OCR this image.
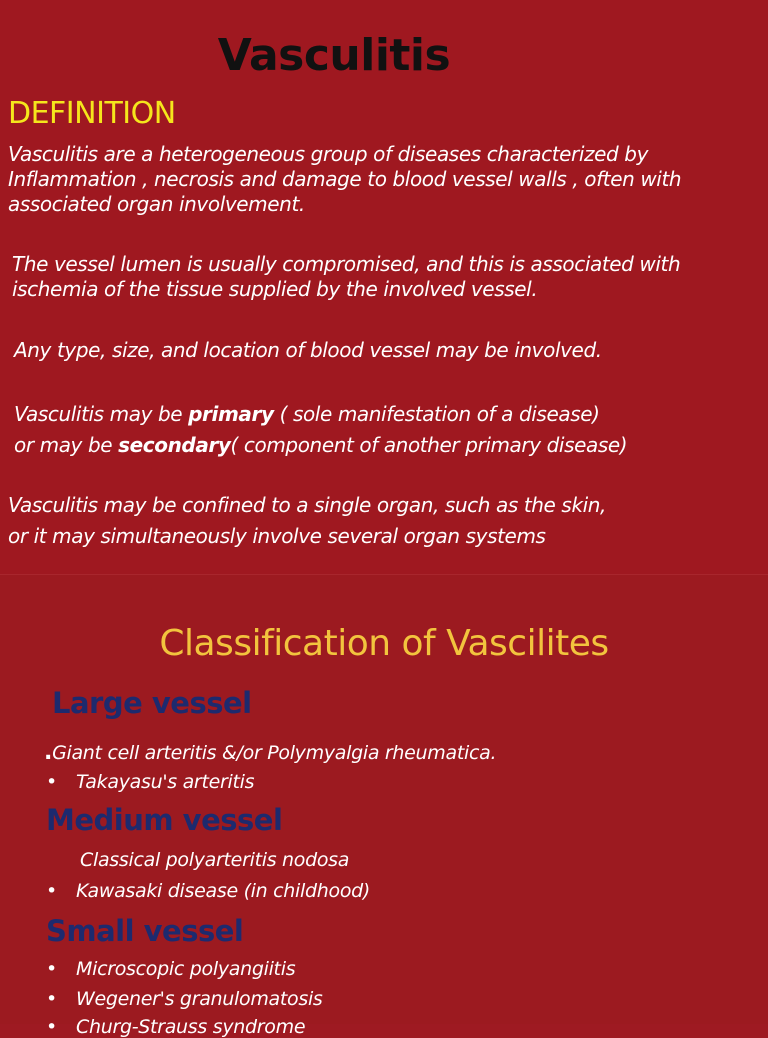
Vasculitis
DEFINITION

Vasculitis are a heterogeneous group of diseases characterized by Inflammation , necrosis and damage to blood vessel walls , often with associated organ involvement.

The vessel lumen is usually compromised, and this is associated with ischemia of the tissue supplied by the involved vessel.

Any type, size, and location of blood vessel may be involved.

Vasculitis may be primary ( sole manifestation of a disease)
or may be secondary( component of another primary disease)

Vasculitis may be confined to a single organ, such as the skin,
or it may simultaneously involve several organ systems

Classification of Vascilites
Large vessel
.Giant cell arteritis &/or Polymyalgia rheumatica.
• Takayasu's arteritis
Medium vessel
Classical polyarteritis nodosa
• Kawasaki disease (in childhood)
Small vessel
• Microscopic polyangiitis
• Wegener's granulomatosis
• Churg-Strauss syndrome
